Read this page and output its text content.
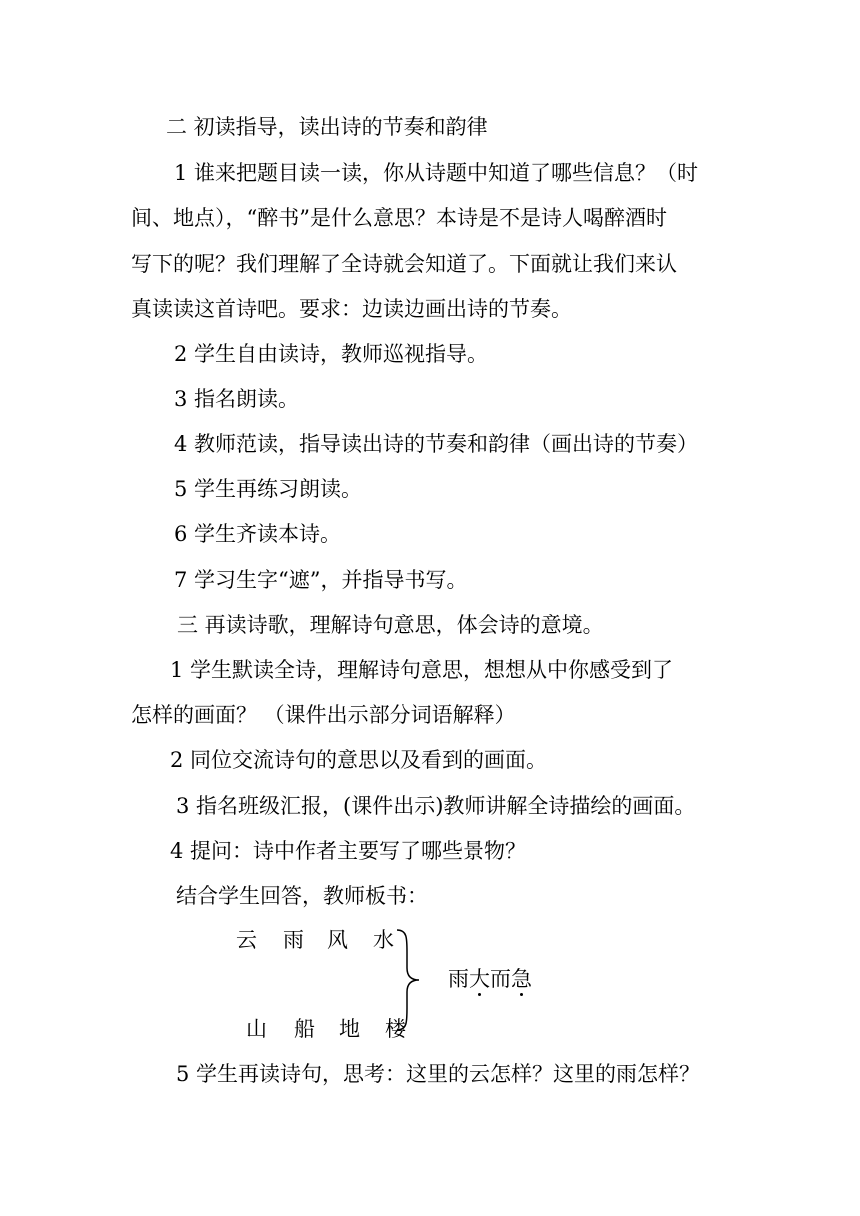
二 初读指导，读出诗的节奏和韵律
1 谁来把题目读一读，你从诗题中知道了哪些信息？（时
间、地点），“醉书”是什么意思？本诗是不是诗人喝醉酒时
写下的呢？我们理解了全诗就会知道了。下面就让我们来认
真读读这首诗吧。要求：边读边画出诗的节奏。
2 学生自由读诗，教师巡视指导。
3 指名朗读。
4 教师范读，指导读出诗的节奏和韵律（画出诗的节奏）
5 学生再练习朗读。
6 学生齐读本诗。
7 学习生字“遮”，并指导书写。
三 再读诗歌，理解诗句意思，体会诗的意境。
1 学生默读全诗，理解诗句意思，想想从中你感受到了
怎样的画面？ （课件出示部分词语解释）
2 同位交流诗句的意思以及看到的画面。
3 指名班级汇报，(课件出示)教师讲解全诗描绘的画面。
4 提问：诗中作者主要写了哪些景物？
结合学生回答，教师板书：
云 雨 风 水
雨大而急
山 船 地 楼
5 学生再读诗句，思考：这里的云怎样？这里的雨怎样？
